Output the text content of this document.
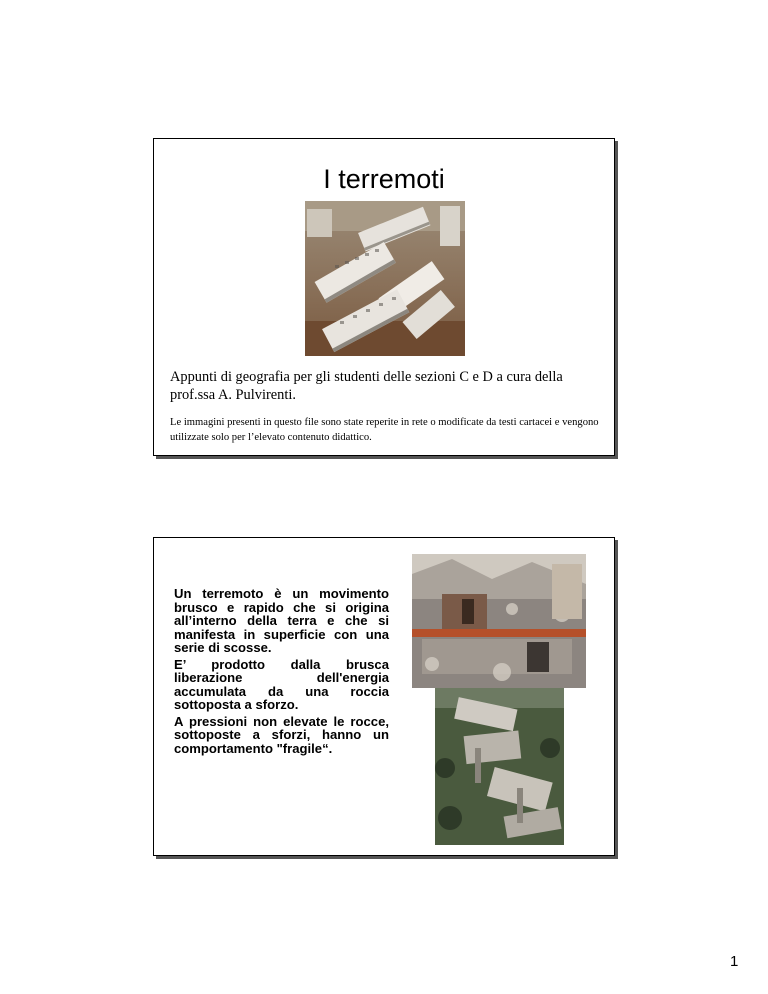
I terremoti
Appunti di geografia per gli studenti delle sezioni C e D a cura della prof.ssa A. Pulvirenti.
Le immagini presenti in questo file sono state reperite in rete o modificate da testi cartacei e vengono utilizzate solo per l’elevato contenuto didattico.

Un terremoto è un movimento brusco e rapido che si origina all’interno della terra e che si manifesta in superficie con una serie di scosse.

E’ prodotto dalla brusca liberazione dell'energia accumulata da una roccia sottoposta a sforzo.

A pressioni non elevate le rocce, sottoposte a sforzi, hanno un comportamento "fragile“.

1
